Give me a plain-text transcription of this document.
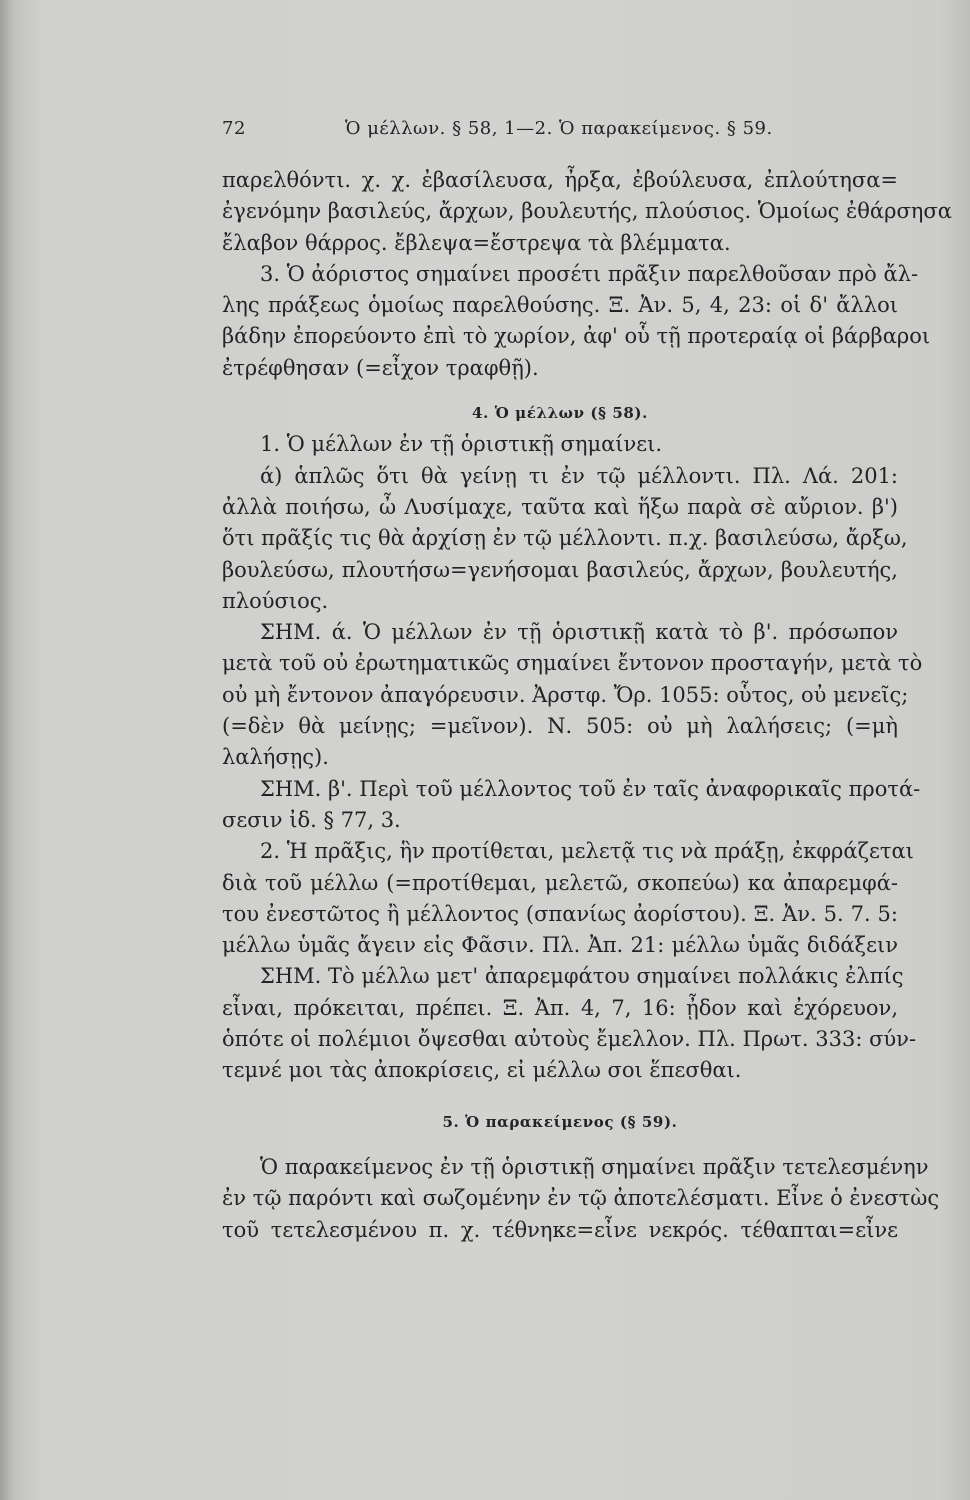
72	Ὁ μέλλων. § 58, 1—2. Ὁ παρακείμενος. § 59.
παρελθόντι. χ. χ. ἐβασίλευσα, ἦρξα, ἐβούλευσα, ἐπλούτησα=
ἐγενόμην βασιλεύς, ἄρχων, βουλευτής, πλούσιος. Ὁμοίως ἐθάρσησα
ἔλαβον θάρρος. ἔβλεψα=ἔστρεψα τὰ βλέμματα.
3. Ὁ ἀόριστος σημαίνει προσέτι πρᾶξιν παρελθοῦσαν πρὸ ἄλ-
λης πράξεως ὁμοίως παρελθούσης. Ξ. Ἀν. 5, 4, 23: οἱ δ' ἄλλοι
βάδην ἐπορεύοντο ἐπὶ τὸ χωρίον, ἀφ' οὗ τῇ προτεραίᾳ οἱ βάρβαροι
ἐτρέφθησαν (=εἶχον τραφθῇ).
4. Ὁ μέλλων (§ 58).
1. Ὁ μέλλων ἐν τῇ ὁριστικῇ σημαίνει.
ά) ἁπλῶς ὅτι θὰ γείνῃ τι ἐν τῷ μέλλοντι. Πλ. Λά. 201:
ἀλλὰ ποιήσω, ὦ Λυσίμαχε, ταῦτα καὶ ἥξω παρὰ σὲ αὔριον. β')
ὅτι πρᾶξίς τις θὰ ἀρχίσῃ ἐν τῷ μέλλοντι. π.χ. βασιλεύσω, ἄρξω,
βουλεύσω, πλουτήσω=γενήσομαι βασιλεύς, ἄρχων, βουλευτής,
πλούσιος.
ΣΗΜ. ά. Ὁ μέλλων ἐν τῇ ὁριστικῇ κατὰ τὸ β'. πρόσωπον
μετὰ τοῦ οὐ ἐρωτηματικῶς σημαίνει ἔντονον προσταγήν, μετὰ τὸ
οὐ μὴ ἔντονον ἀπαγόρευσιν. Ἀρστφ. Ὄρ. 1055: οὗτος, οὐ μενεῖς;
(=δὲν θὰ μείνῃς; =μεῖνον). Ν. 505: οὐ μὴ λαλήσεις; (=μὴ
λαλήσῃς).
ΣΗΜ. β'. Περὶ τοῦ μέλλοντος τοῦ ἐν ταῖς ἀναφορικαῖς προτά-
σεσιν ἰδ. § 77, 3.
2. Ἡ πρᾶξις, ἣν προτίθεται, μελετᾷ τις νὰ πράξῃ, ἐκφράζεται
διὰ τοῦ μέλλω (=προτίθεμαι, μελετῶ, σκοπεύω) κα ἀπαρεμφά-
του ἐνεστῶτος ἢ μέλλοντος (σπανίως ἀορίστου). Ξ. Ἀν. 5. 7. 5:
μέλλω ὑμᾶς ἄγειν εἰς Φᾶσιν. Πλ. Ἀπ. 21: μέλλω ὑμᾶς διδάξειν
ΣΗΜ. Τὸ μέλλω μετ' ἀπαρεμφάτου σημαίνει πολλάκις ἐλπίς
εἶναι, πρόκειται, πρέπει. Ξ. Ἀπ. 4, 7, 16: ᾖδον καὶ ἐχόρευον,
ὁπότε οἱ πολέμιοι ὄψεσθαι αὐτοὺς ἔμελλον. Πλ. Πρωτ. 333: σύν-
τεμνέ μοι τὰς ἀποκρίσεις, εἰ μέλλω σοι ἕπεσθαι.
5. Ὁ παρακείμενος (§ 59).
Ὁ παρακείμενος ἐν τῇ ὁριστικῇ σημαίνει πρᾶξιν τετελεσμένην
ἐν τῷ παρόντι καὶ σωζομένην ἐν τῷ ἀποτελέσματι. Εἶνε ὁ ἐνεστὼς
τοῦ τετελεσμένου π. χ. τέθνηκε=εἶνε νεκρός. τέθαπται=εἶνε
